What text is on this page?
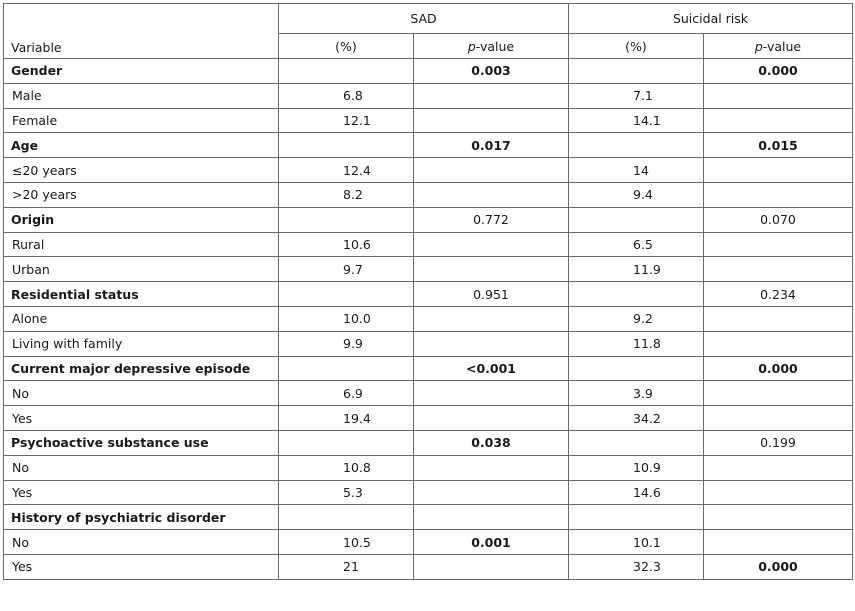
	SAD		Suicidal risk	
Variable	(%)	p-value	(%)	p-value
Gender		0.003		0.000
Male	6.8		7.1	
Female	12.1		14.1	
Age		0.017		0.015
≤20 years	12.4		14	
>20 years	8.2		9.4	
Origin		0.772		0.070
Rural	10.6		6.5	
Urban	9.7		11.9	
Residential status		0.951		0.234
Alone	10.0		9.2	
Living with family	9.9		11.8	
Current major depressive episode		<0.001		0.000
No	6.9		3.9	
Yes	19.4		34.2	
Psychoactive substance use		0.038		0.199
No	10.8		10.9	
Yes	5.3		14.6	
History of psychiatric disorder				
No	10.5	0.001	10.1	
Yes	21		32.3	0.000
